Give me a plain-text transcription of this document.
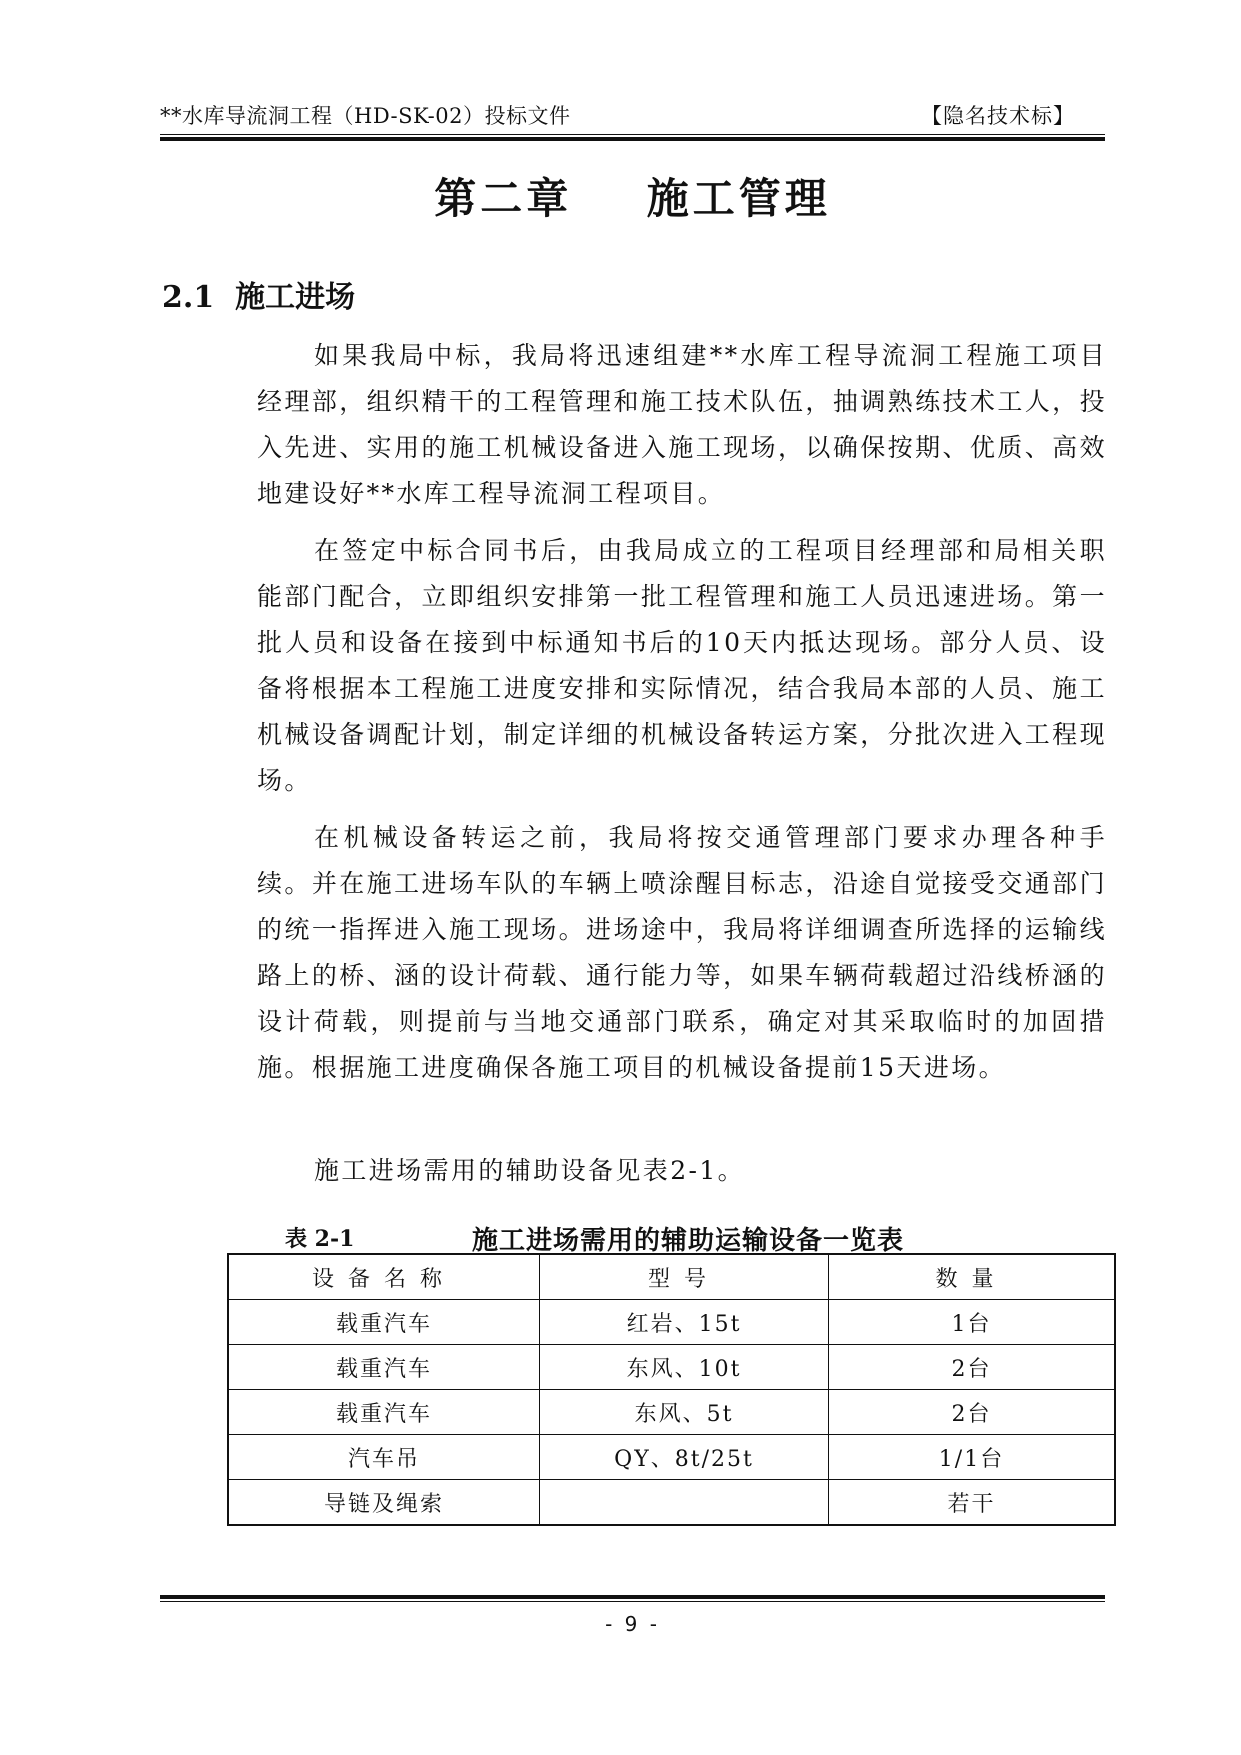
**水库导流洞工程（HD-SK-02）投标文件	【隐名技术标】
第二章    施工管理
2.1  施工进场

如果我局中标，我局将迅速组建**水库工程导流洞工程施工项目经理部，组织精干的工程管理和施工技术队伍，抽调熟练技术工人，投入先进、实用的施工机械设备进入施工现场，以确保按期、优质、高效地建设好**水库工程导流洞工程项目。

在签定中标合同书后，由我局成立的工程项目经理部和局相关职能部门配合，立即组织安排第一批工程管理和施工人员迅速进场。第一批人员和设备在接到中标通知书后的10天内抵达现场。部分人员、设备将根据本工程施工进度安排和实际情况，结合我局本部的人员、施工机械设备调配计划，制定详细的机械设备转运方案，分批次进入工程现场。

在机械设备转运之前，我局将按交通管理部门要求办理各种手续。并在施工进场车队的车辆上喷涂醒目标志，沿途自觉接受交通部门的统一指挥进入施工现场。进场途中，我局将详细调查所选择的运输线路上的桥、涵的设计荷载、通行能力等，如果车辆荷载超过沿线桥涵的设计荷载，则提前与当地交通部门联系，确定对其采取临时的加固措施。根据施工进度确保各施工项目的机械设备提前15天进场。

施工进场需用的辅助设备见表2-1。

表 2-1	施工进场需用的辅助运输设备一览表
设备名称	型号	数量
载重汽车	红岩、15t	1台
载重汽车	东风、10t	2台
载重汽车	东风、5t	2台
汽车吊	QY、8t/25t	1/1台
导链及绳索		若干
- 9 -
